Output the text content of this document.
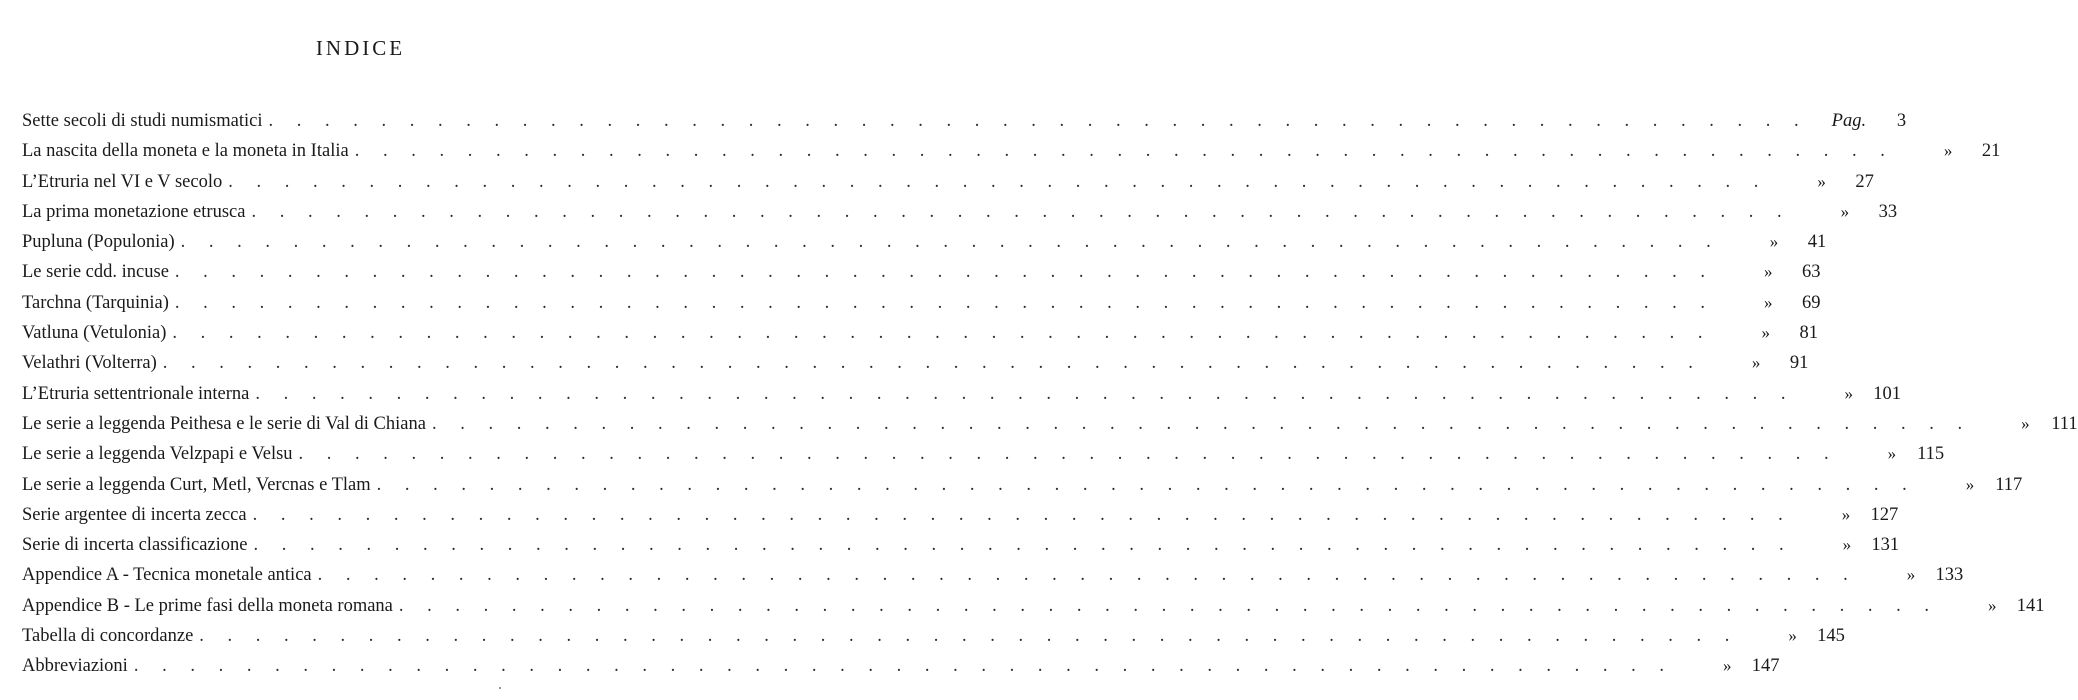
INDICE
Sette secoli di studi numismatici . . . . . . . . . . . . . . . . . . . . . . . . . . . . . . . . . . . . . . . . . . . . . . . . . . . . . . .	Pag.	3
La nascita della moneta e la moneta in Italia . . . . . . . . . . . . . . . . . . . . . . . . . . . . . . . . . . . . . . . . . . . . . . . . . . . . . . .	»	21
L’Etruria nel VI e V secolo . . . . . . . . . . . . . . . . . . . . . . . . . . . . . . . . . . . . . . . . . . . . . . . . . . . . . . .	»	27
La prima monetazione etrusca . . . . . . . . . . . . . . . . . . . . . . . . . . . . . . . . . . . . . . . . . . . . . . . . . . . . . . .	»	33
Pupluna (Populonia) . . . . . . . . . . . . . . . . . . . . . . . . . . . . . . . . . . . . . . . . . . . . . . . . . . . . . . .	»	41
Le serie cdd. incuse . . . . . . . . . . . . . . . . . . . . . . . . . . . . . . . . . . . . . . . . . . . . . . . . . . . . . . .	»	63
Tarchna (Tarquinia) . . . . . . . . . . . . . . . . . . . . . . . . . . . . . . . . . . . . . . . . . . . . . . . . . . . . . . .	»	69
Vatluna (Vetulonia) . . . . . . . . . . . . . . . . . . . . . . . . . . . . . . . . . . . . . . . . . . . . . . . . . . . . . . .	»	81
Velathri (Volterra) . . . . . . . . . . . . . . . . . . . . . . . . . . . . . . . . . . . . . . . . . . . . . . . . . . . . . . .	»	91
L’Etruria settentrionale interna . . . . . . . . . . . . . . . . . . . . . . . . . . . . . . . . . . . . . . . . . . . . . . . . . . . . . . .	»	101
Le serie a leggenda Peithesa e le serie di Val di Chiana . . . . . . . . . . . . . . . . . . . . . . . . . . . . . . . . . . . . . . . . . . . . . . . . . . . . . . .	»	111
Le serie a leggenda Velzpapi e Velsu . . . . . . . . . . . . . . . . . . . . . . . . . . . . . . . . . . . . . . . . . . . . . . . . . . . . . . .	»	115
Le serie a leggenda Curt, Metl, Vercnas e Tlam . . . . . . . . . . . . . . . . . . . . . . . . . . . . . . . . . . . . . . . . . . . . . . . . . . . . . . .	»	117
Serie argentee di incerta zecca . . . . . . . . . . . . . . . . . . . . . . . . . . . . . . . . . . . . . . . . . . . . . . . . . . . . . . .	»	127
Serie di incerta classificazione . . . . . . . . . . . . . . . . . . . . . . . . . . . . . . . . . . . . . . . . . . . . . . . . . . . . . . .	»	131
Appendice A - Tecnica monetale antica . . . . . . . . . . . . . . . . . . . . . . . . . . . . . . . . . . . . . . . . . . . . . . . . . . . . . . .	»	133
Appendice B - Le prime fasi della moneta romana . . . . . . . . . . . . . . . . . . . . . . . . . . . . . . . . . . . . . . . . . . . . . . . . . . . . . . .	»	141
Tabella di concordanze . . . . . . . . . . . . . . . . . . . . . . . . . . . . . . . . . . . . . . . . . . . . . . . . . . . . . . .	»	145
Abbreviazioni . . . . . . . . . . . . . . . . . . . . . . . . . . . . . . . . . . . . . . . . . . . . . . . . . . . . . . .	»	147
